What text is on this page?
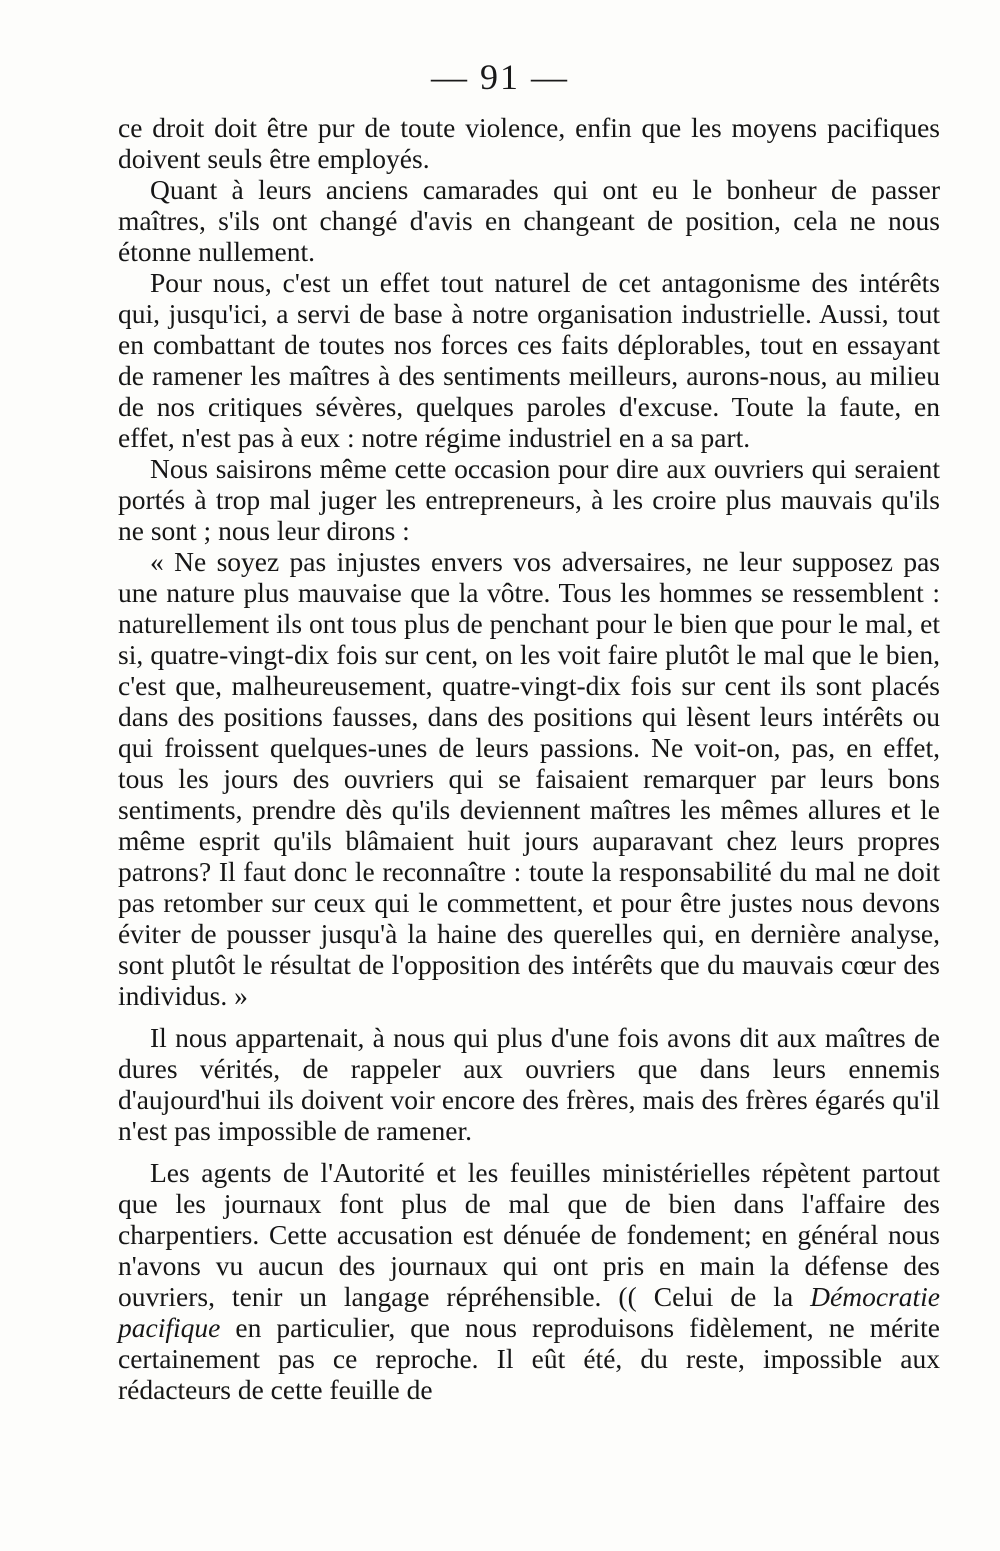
— 91 —

ce droit doit être pur de toute violence, enfin que les moyens pacifiques doivent seuls être employés.

Quant à leurs anciens camarades qui ont eu le bonheur de passer maîtres, s'ils ont changé d'avis en changeant de position, cela ne nous étonne nullement.

Pour nous, c'est un effet tout naturel de cet antagonisme des intérêts qui, jusqu'ici, a servi de base à notre organisation industrielle. Aussi, tout en combattant de toutes nos forces ces faits déplorables, tout en essayant de ramener les maîtres à des sentiments meilleurs, aurons-nous, au milieu de nos critiques sévères, quelques paroles d'excuse. Toute la faute, en effet, n'est pas à eux : notre régime industriel en a sa part.

Nous saisirons même cette occasion pour dire aux ouvriers qui seraient portés à trop mal juger les entrepreneurs, à les croire plus mauvais qu'ils ne sont ; nous leur dirons :

« Ne soyez pas injustes envers vos adversaires, ne leur supposez pas une nature plus mauvaise que la vôtre. Tous les hommes se ressemblent : naturellement ils ont tous plus de penchant pour le bien que pour le mal, et si, quatre-vingt-dix fois sur cent, on les voit faire plutôt le mal que le bien, c'est que, malheureusement, quatre-vingt-dix fois sur cent ils sont placés dans des positions fausses, dans des positions qui lèsent leurs intérêts ou qui froissent quelques-unes de leurs passions. Ne voit-on, pas, en effet, tous les jours des ouvriers qui se faisaient remarquer par leurs bons sentiments, prendre dès qu'ils deviennent maîtres les mêmes allures et le même esprit qu'ils blâmaient huit jours auparavant chez leurs propres patrons? Il faut donc le reconnaître : toute la responsabilité du mal ne doit pas retomber sur ceux qui le commettent, et pour être justes nous devons éviter de pousser jusqu'à la haine des querelles qui, en dernière analyse, sont plutôt le résultat de l'opposition des intérêts que du mauvais cœur des individus. »

Il nous appartenait, à nous qui plus d'une fois avons dit aux maîtres de dures vérités, de rappeler aux ouvriers que dans leurs ennemis d'aujourd'hui ils doivent voir encore des frères, mais des frères égarés qu'il n'est pas impossible de ramener.

Les agents de l'Autorité et les feuilles ministérielles répètent partout que les journaux font plus de mal que de bien dans l'affaire des charpentiers. Cette accusation est dénuée de fondement; en général nous n'avons vu aucun des journaux qui ont pris en main la défense des ouvriers, tenir un langage répréhensible. (( Celui de la Démocratie pacifique en particulier, que nous reproduisons fidèlement, ne mérite certainement pas ce reproche. Il eût été, du reste, impossible aux rédacteurs de cette feuille de
